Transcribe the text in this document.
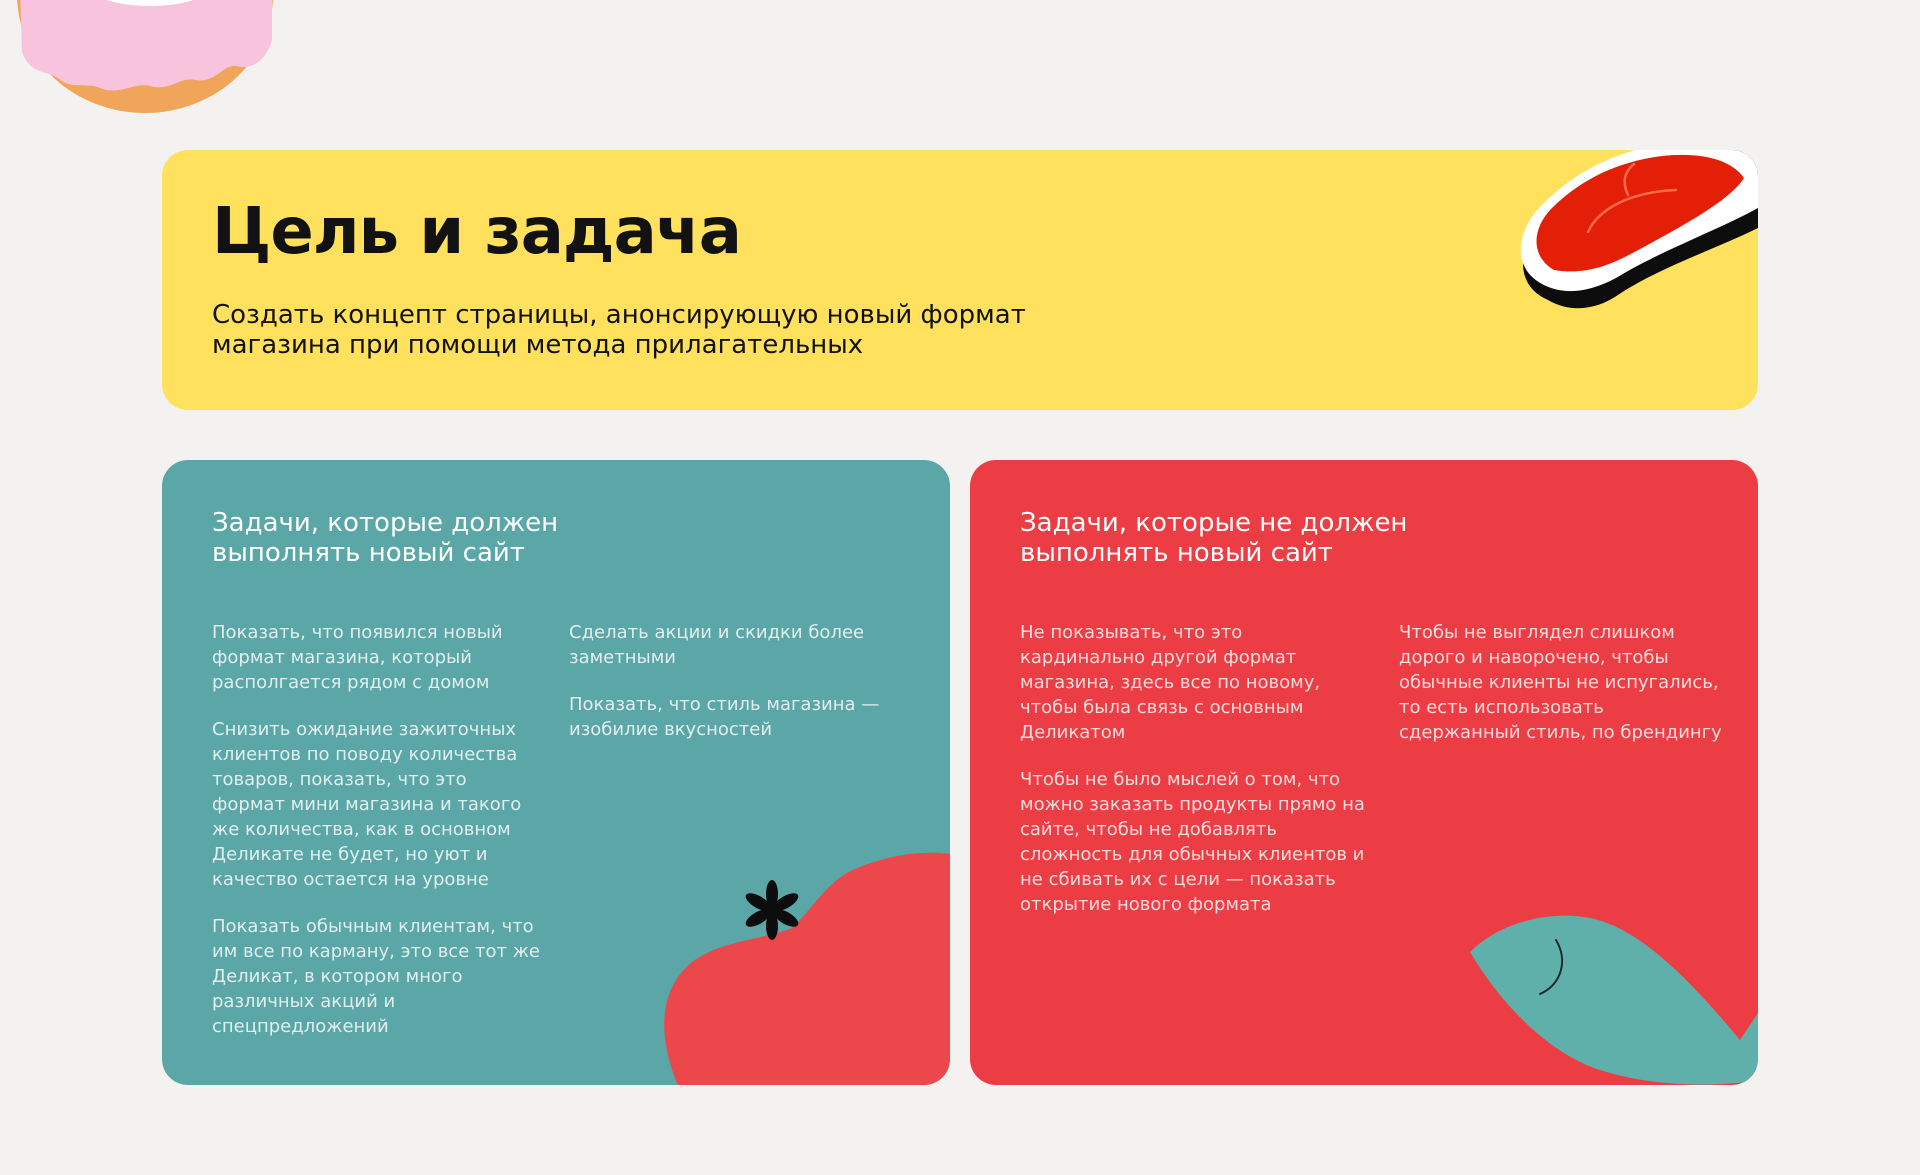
Цель и задача

Создать концепт страницы, анонсирующую новый формат магазина при помощи метода прилагательных

Задачи, которые должен выполнять новый сайт

Показать, что появился новый формат магазина, который располгается рядом с домом

Снизить ожидание зажиточных клиентов по поводу количества товаров, показать, что это формат мини магазина и такого же количества, как в основном Деликате не будет, но уют и качество остается на уровне

Показать обычным клиентам, что им все по карману, это все тот же Деликат, в котором много различных акций и спецпредложений

Сделать акции и скидки более заметными

Показать, что стиль магазина — изобилие вкусностей

Задачи, которые не должен выполнять новый сайт

Не показывать, что это кардинально другой формат магазина, здесь все по новому, чтобы была связь с основным Деликатом

Чтобы не было мыслей о том, что можно заказать продукты прямо на сайте, чтобы не добавлять сложность для обычных клиентов и не сбивать их с цели — показать открытие нового формата

Чтобы не выглядел слишком дорого и наворочено, чтобы обычные клиенты не испугались, то есть использовать сдержанный стиль, по брендингу
